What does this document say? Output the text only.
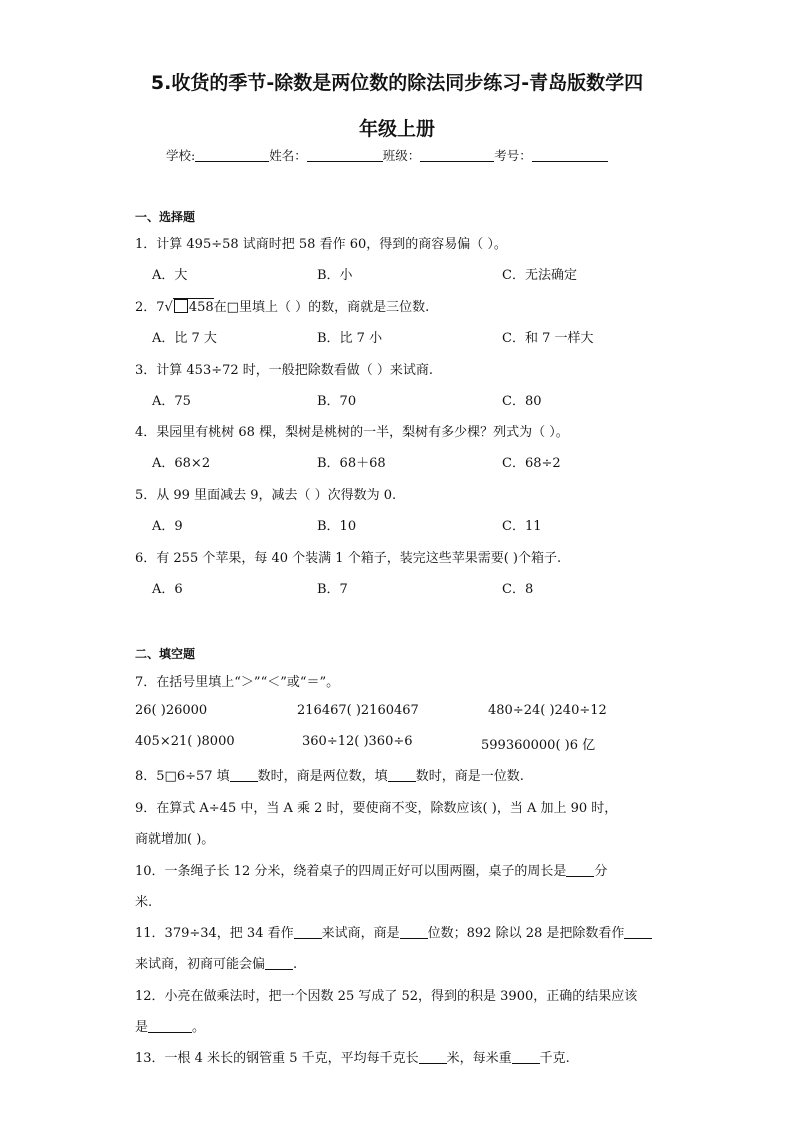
5.收货的季节-除数是两位数的除法同步练习-青岛版数学四
年级上册
学校:	姓名：	班级：	考号：
一、选择题
1．计算 495÷58 试商时把 58 看作 60，得到的商容易偏（ ）。
A．大	B．小	C．无法确定
2．7√ 458在□里填上（ ）的数，商就是三位数.
A．比 7 大	B．比 7 小	C．和 7 一样大
3．计算 453÷72 时，一般把除数看做（ ）来试商.
A．75	B．70	C．80
4．果园里有桃树 68 棵，梨树是桃树的一半，梨树有多少棵？列式为（ ）。
A．68×2	B．68＋68	C．68÷2
5．从 99 里面减去 9，减去（ ）次得数为 0.
A．9	B．10	C．11
6．有 255 个苹果，每 40 个装满 1 个箱子，装完这些苹果需要( )个箱子.
A．6	B．7	C．8
二、填空题
7．在括号里填上“＞”“＜”或“＝”。
26( )26000	216467( )2160467	480÷24( )240÷12
405×21( )8000	360÷12( )360÷6	599360000( )6 亿
8．5□6÷57 填 数时，商是两位数，填 数时，商是一位数.
9．在算式 A÷45 中，当 A 乘 2 时，要使商不变，除数应该( )，当 A 加上 90 时，
商就增加( )。
10．一条绳子长 12 分米，绕着桌子的四周正好可以围两圈，桌子的周长是 分
米.
11．379÷34，把 34 看作 来试商，商是 位数；892 除以 28 是把除数看作
来试商，初商可能会偏 .
12．小亮在做乘法时，把一个因数 25 写成了 52，得到的积是 3900，正确的结果应该
是	。
13．一根 4 米长的钢管重 5 千克，平均每千克长 米，每米重 千克.
